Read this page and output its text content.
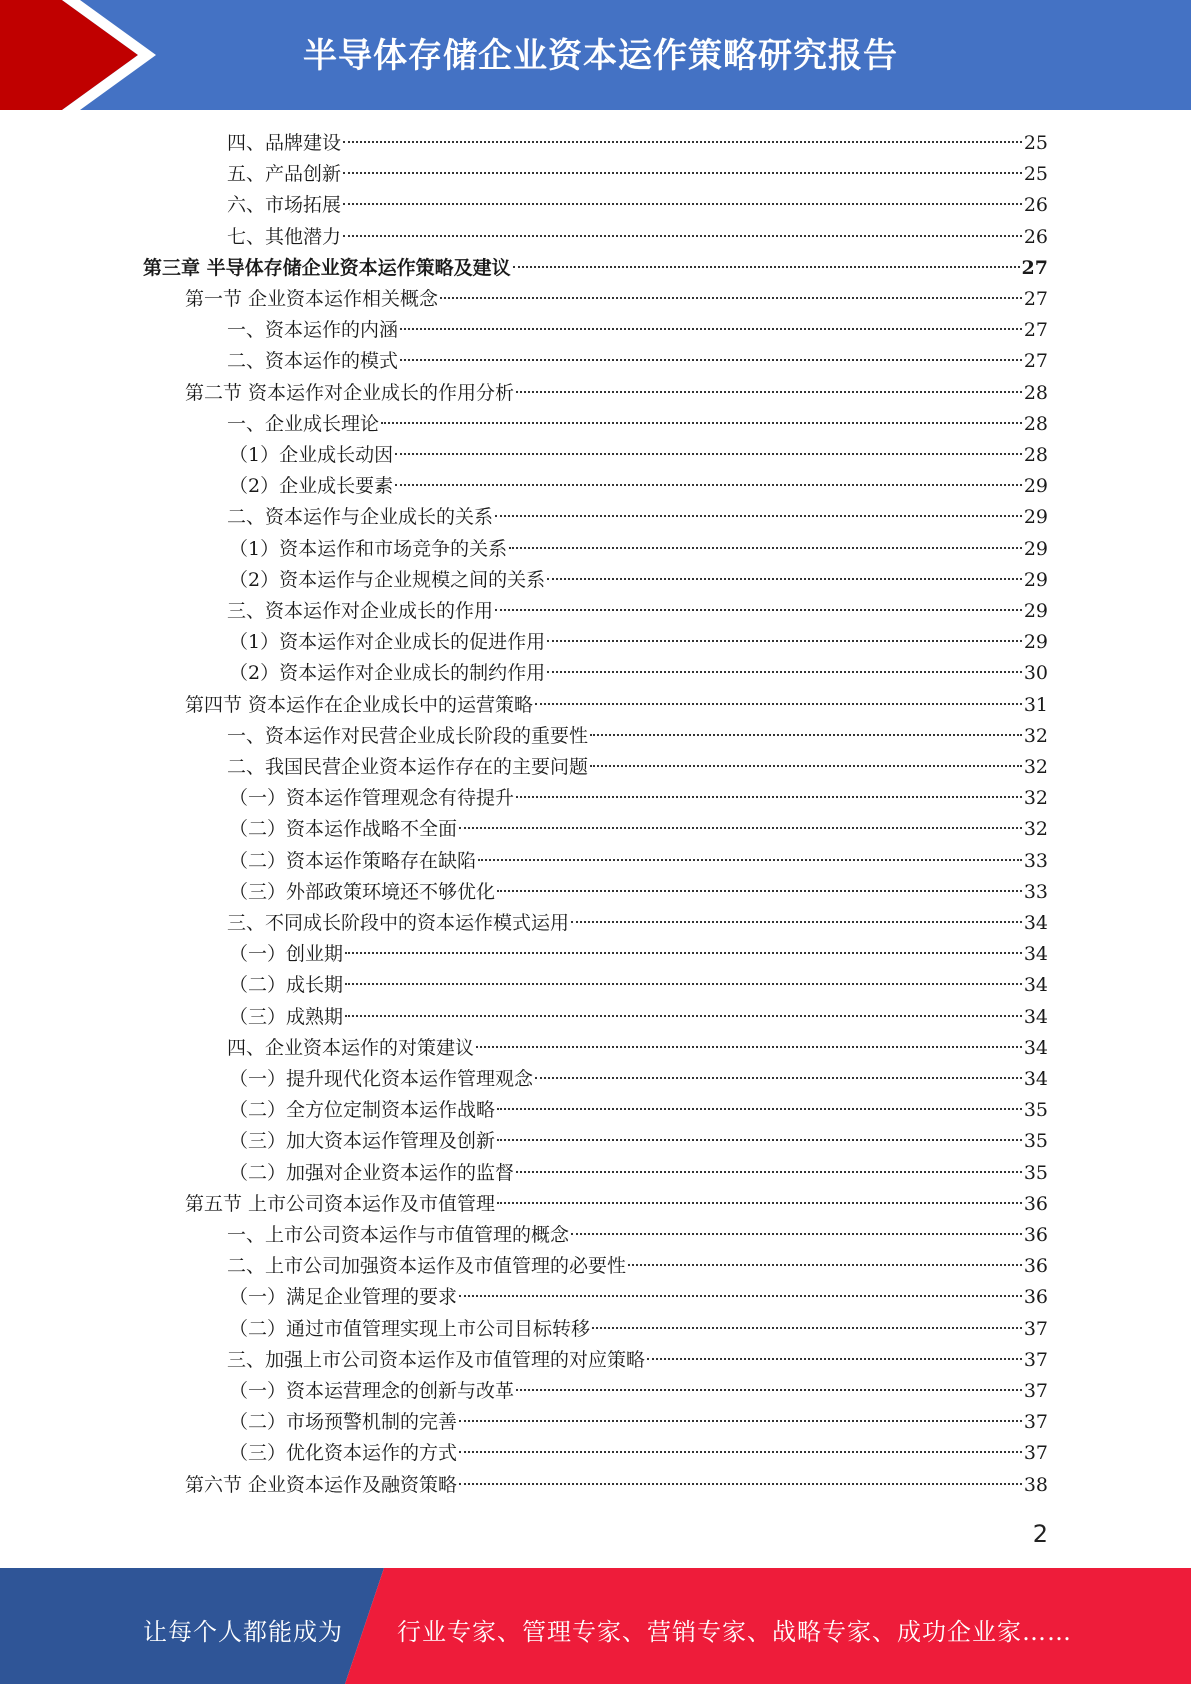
半导体存储企业资本运作策略研究报告
四、品牌建设	25
五、产品创新	25
六、市场拓展	26
七、其他潜力	26
第三章 半导体存储企业资本运作策略及建议	27
第一节 企业资本运作相关概念	27
一、资本运作的内涵	27
二、资本运作的模式	27
第二节 资本运作对企业成长的作用分析	28
一、企业成长理论	28
（1）企业成长动因	28
（2）企业成长要素	29
二、资本运作与企业成长的关系	29
（1）资本运作和市场竞争的关系	29
（2）资本运作与企业规模之间的关系	29
三、资本运作对企业成长的作用	29
（1）资本运作对企业成长的促进作用	29
（2）资本运作对企业成长的制约作用	30
第四节 资本运作在企业成长中的运营策略	31
一、资本运作对民营企业成长阶段的重要性	32
二、我国民营企业资本运作存在的主要问题	32
（一）资本运作管理观念有待提升	32
（二）资本运作战略不全面	32
（二）资本运作策略存在缺陷	33
（三）外部政策环境还不够优化	33
三、不同成长阶段中的资本运作模式运用	34
（一）创业期	34
（二）成长期	34
（三）成熟期	34
四、企业资本运作的对策建议	34
（一）提升现代化资本运作管理观念	34
（二）全方位定制资本运作战略	35
（三）加大资本运作管理及创新	35
（二）加强对企业资本运作的监督	35
第五节 上市公司资本运作及市值管理	36
一、上市公司资本运作与市值管理的概念	36
二、上市公司加强资本运作及市值管理的必要性	36
（一）满足企业管理的要求	36
（二）通过市值管理实现上市公司目标转移	37
三、加强上市公司资本运作及市值管理的对应策略	37
（一）资本运营理念的创新与改革	37
（二）市场预警机制的完善	37
（三）优化资本运作的方式	37
第六节 企业资本运作及融资策略	38
2
让每个人都能成为 行业专家、管理专家、营销专家、战略专家、成功企业家……
